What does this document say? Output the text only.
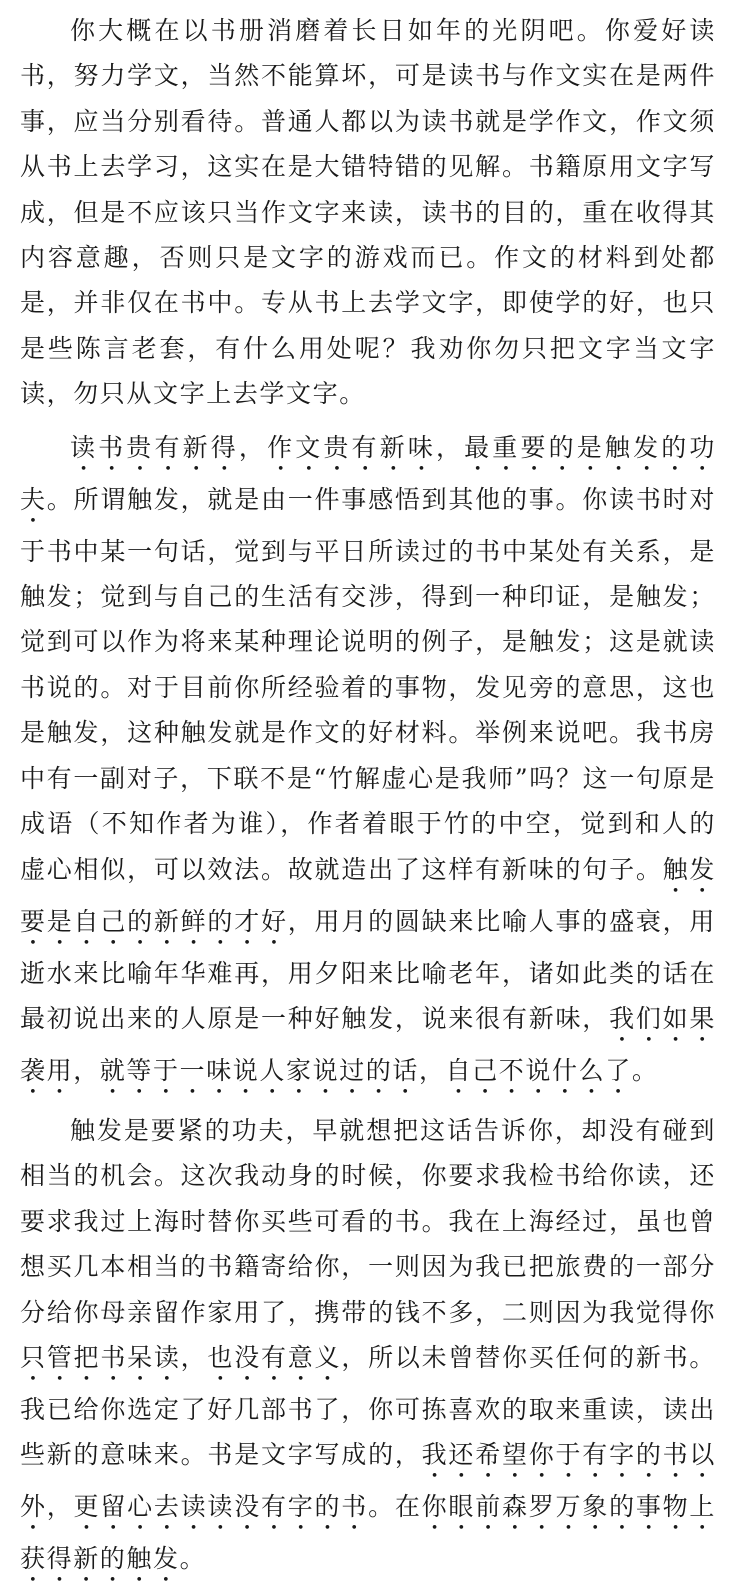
你大概在以书册消磨着长日如年的光阴吧。你爱好读书，努力学文，当然不能算坏，可是读书与作文实在是两件事，应当分别看待。普通人都以为读书就是学作文，作文须从书上去学习，这实在是大错特错的见解。书籍原用文字写成，但是不应该只当作文字来读，读书的目的，重在收得其内容意趣，否则只是文字的游戏而已。作文的材料到处都是，并非仅在书中。专从书上去学文字，即使学的好，也只是些陈言老套，有什么用处呢？我劝你勿只把文字当文字读，勿只从文字上去学文字。

读书贵有新得，作文贵有新味，最重要的是触发的功夫。所谓触发，就是由一件事感悟到其他的事。你读书时对于书中某一句话，觉到与平日所读过的书中某处有关系，是触发；觉到与自己的生活有交涉，得到一种印证，是触发；觉到可以作为将来某种理论说明的例子，是触发；这是就读书说的。对于目前你所经验着的事物，发见旁的意思，这也是触发，这种触发就是作文的好材料。举例来说吧。我书房中有一副对子，下联不是“竹解虚心是我师”吗？这一句原是成语（不知作者为谁），作者着眼于竹的中空，觉到和人的虚心相似，可以效法。故就造出了这样有新味的句子。触发要是自己的新鲜的才好，用月的圆缺来比喻人事的盛衰，用逝水来比喻年华难再，用夕阳来比喻老年，诸如此类的话在最初说出来的人原是一种好触发，说来很有新味，我们如果袭用，就等于一味说人家说过的话，自己不说什么了。

触发是要紧的功夫，早就想把这话告诉你，却没有碰到相当的机会。这次我动身的时候，你要求我检书给你读，还要求我过上海时替你买些可看的书。我在上海经过，虽也曾想买几本相当的书籍寄给你，一则因为我已把旅费的一部分分给你母亲留作家用了，携带的钱不多，二则因为我觉得你只管把书呆读，也没有意义，所以未曾替你买任何的新书。我已给你选定了好几部书了，你可拣喜欢的取来重读，读出些新的意味来。书是文字写成的，我还希望你于有字的书以外，更留心去读读没有字的书。在你眼前森罗万象的事物上获得新的触发。
